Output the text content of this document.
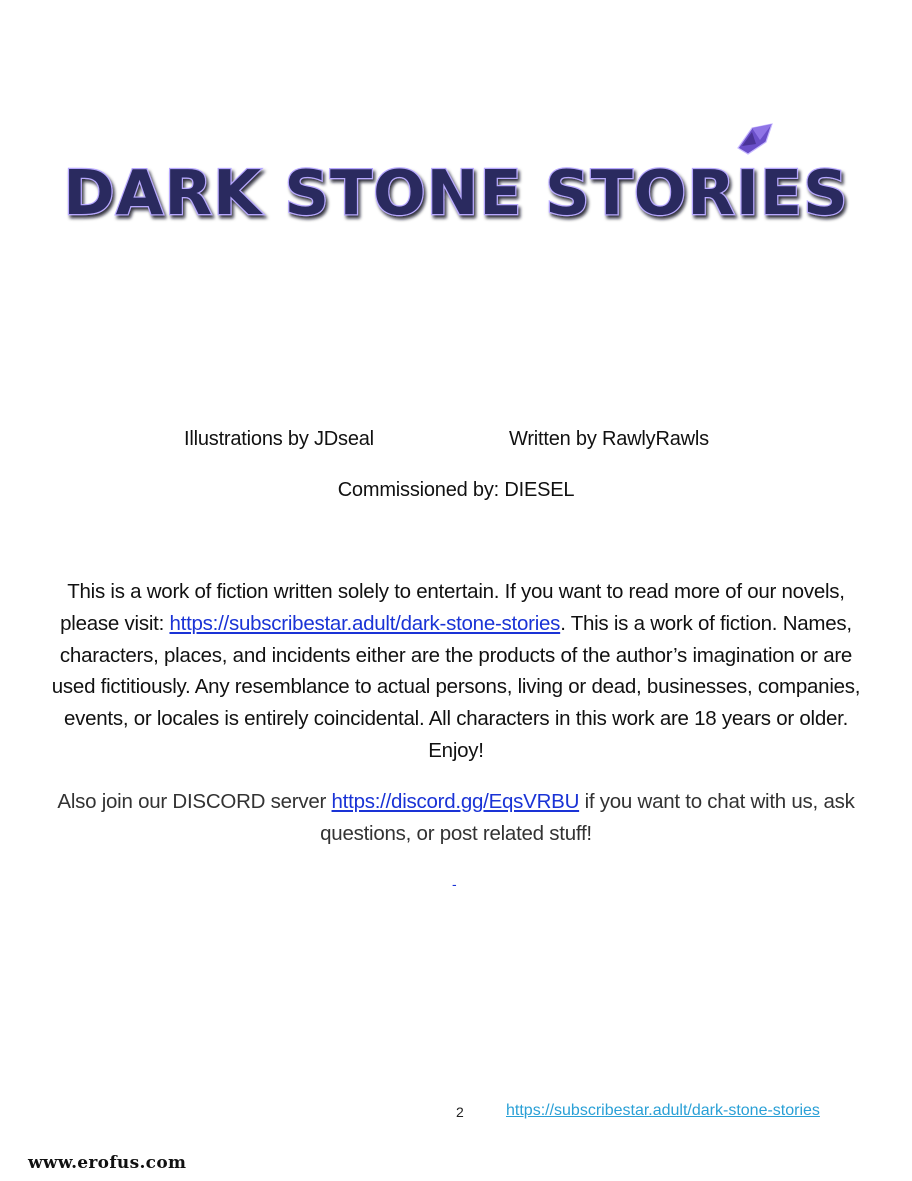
DARK STONE STORIES
Illustrations by JDseal	Written by RawlyRawls
Commissioned by: DIESEL
This is a work of fiction written solely to entertain. If you want to read more of our novels, please visit: https://subscribestar.adult/dark-stone-stories. This is a work of fiction. Names, characters, places, and incidents either are the products of the author’s imagination or are used fictitiously. Any resemblance to actual persons, living or dead, businesses, companies, events, or locales is entirely coincidental. All characters in this work are 18 years or older. Enjoy!
Also join our DISCORD server https://discord.gg/EqsVRBU if you want to chat with us, ask questions, or post related stuff!
-
2	https://subscribestar.adult/dark-stone-stories
www.erofus.com
